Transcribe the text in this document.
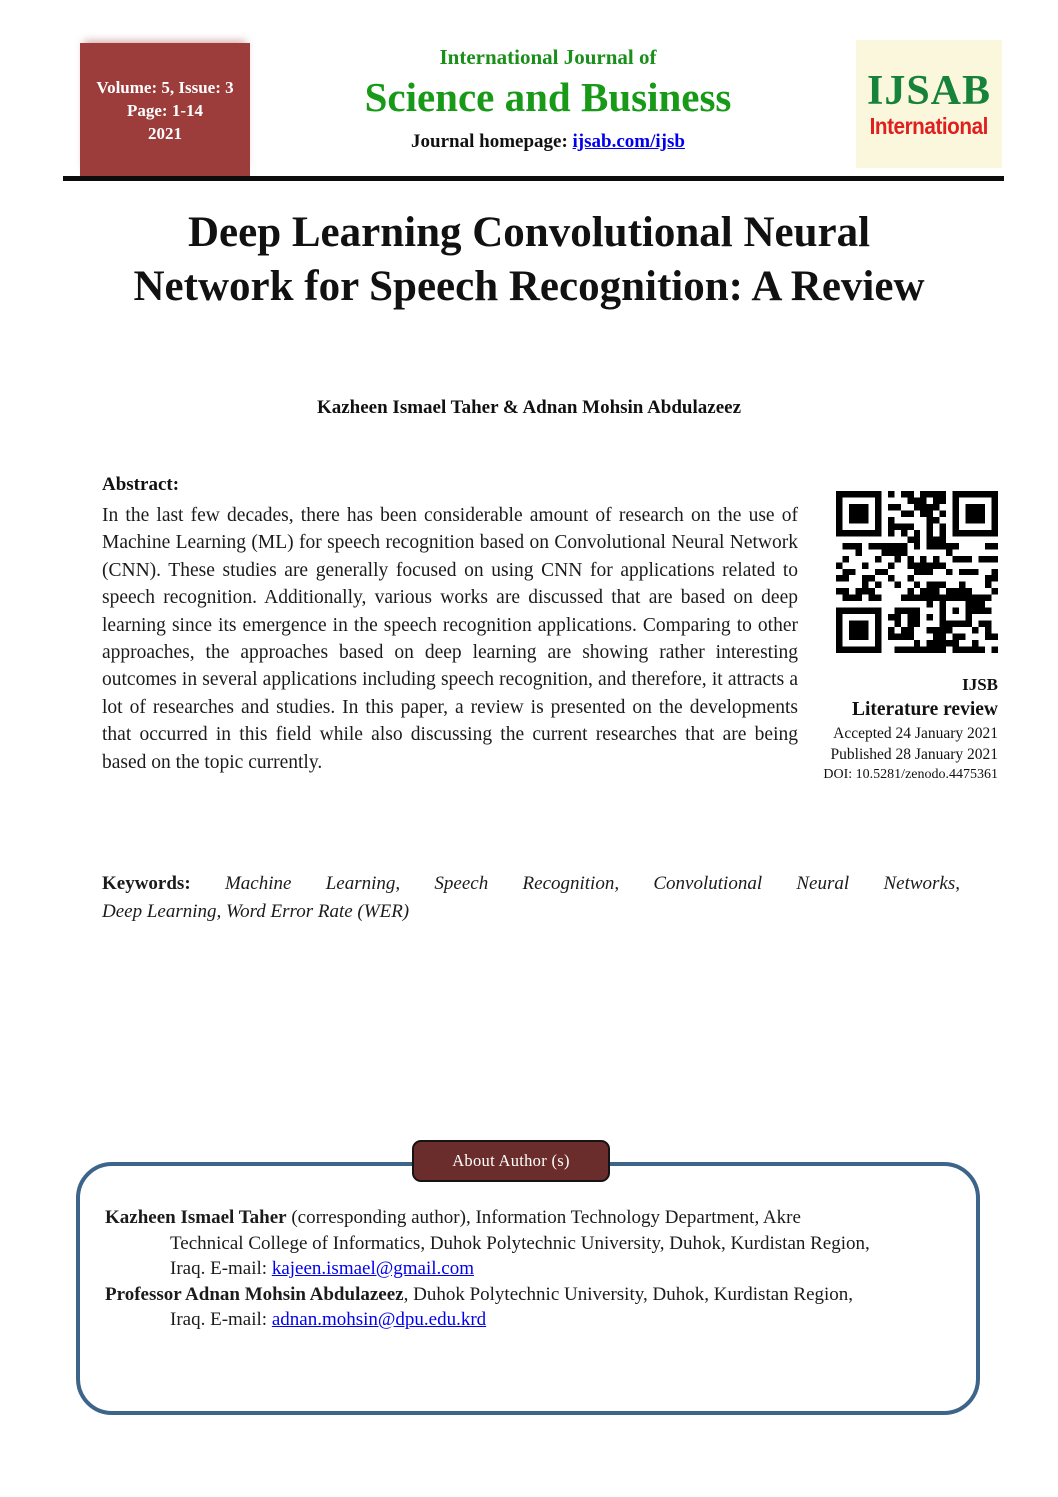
Volume: 5, Issue: 3
Page: 1-14
2021
International Journal of
Science and Business
Journal homepage: ijsab.com/ijsb
IJSAB
International
Deep Learning Convolutional Neural Network for Speech Recognition: A Review
Kazheen Ismael Taher & Adnan Mohsin Abdulazeez
Abstract:
In the last few decades, there has been considerable amount of research on the use of Machine Learning (ML) for speech recognition based on Convolutional Neural Network (CNN). These studies are generally focused on using CNN for applications related to speech recognition. Additionally, various works are discussed that are based on deep learning since its emergence in the speech recognition applications. Comparing to other approaches, the approaches based on deep learning are showing rather interesting outcomes in several applications including speech recognition, and therefore, it attracts a lot of researches and studies. In this paper, a review is presented on the developments that occurred in this field while also discussing the current researches that are being based on the topic currently.
IJSB
Literature review
Accepted 24 January 2021
Published 28 January 2021
DOI: 10.5281/zenodo.4475361
Keywords: Machine Learning, Speech Recognition, Convolutional Neural Networks,
Deep Learning, Word Error Rate (WER)
About Author (s)
Kazheen Ismael Taher (corresponding author), Information Technology Department, Akre Technical College of Informatics, Duhok Polytechnic University, Duhok, Kurdistan Region, Iraq. E-mail: kajeen.ismael@gmail.com
Professor Adnan Mohsin Abdulazeez, Duhok Polytechnic University, Duhok, Kurdistan Region, Iraq. E-mail: adnan.mohsin@dpu.edu.krd
